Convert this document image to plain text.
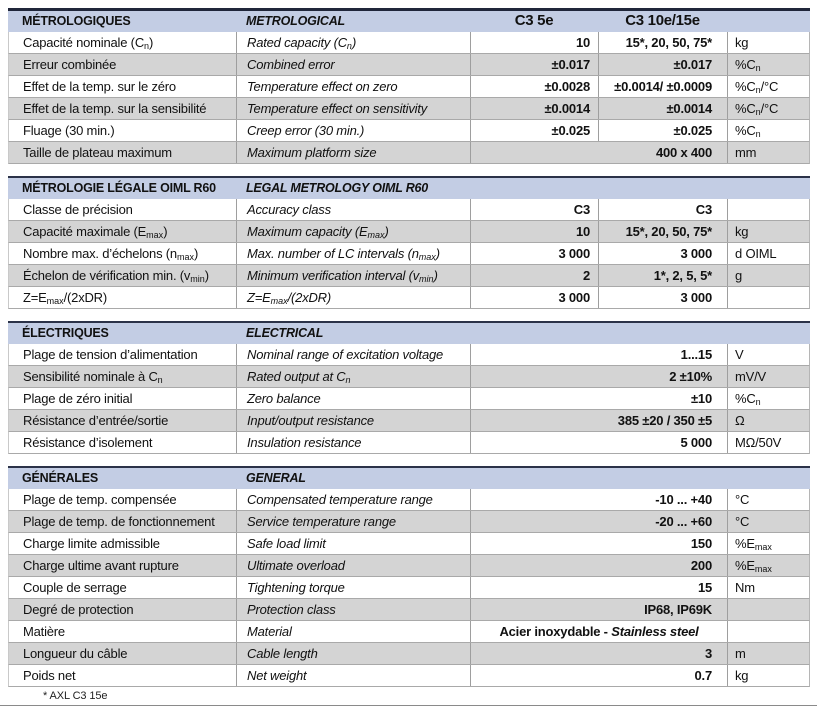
MÉTROLOGIQUES	METROLOGICAL	C3 5e	C3 10e/15e
Capacité nominale $(C_n)$	Rated capacity $(C_n)$	10	15*, 20, 50, 75*	kg
Erreur combinée	Combined error	±0.017	±0.017	$\%C_n$
Effet de la temp. sur le zéro	Temperature effect on zero	±0.0028	±0.0014/ ±0.0009	$\%C_n/^\circ C$
Effet de la temp. sur la sensibilité	Temperature effect on sensitivity	±0.0014	±0.0014	$\%C_n/^\circ C$
Fluage (30 min.)	Creep error (30 min.)	±0.025	±0.025	$\%C_n$
Taille de plateau maximum	Maximum platform size	400 x 400	mm
MÉTROLOGIE LÉGALE OIML R60	LEGAL METROLOGY OIML R60
Classe de précision	Accuracy class	C3	C3
Capacité maximale $(E_{max})$	Maximum capacity $(E_{max})$	10	15*, 20, 50, 75*	kg
Nombre max. d’échelons $(n_{max})$	Max. number of LC intervals $(n_{max})$	3 000	3 000	d OIML
Échelon de vérification min. $(v_{min})$	Minimum verification interval $(v_{min})$	2	1*, 2, 5, 5*	g
$Z=E_{max}/(2xDR)$	$Z=E_{max}/(2xDR)$	3 000	3 000
ÉLECTRIQUES	ELECTRICAL
Plage de tension d’alimentation	Nominal range of excitation voltage	1...15	V
Sensibilité nominale à $C_n$	Rated output at $C_n$	2 ±10%	mV/V
Plage de zéro initial	Zero balance	±10	$\%C_n$
Résistance d’entrée/sortie	Input/output resistance	385 ±20 / 350 ±5	Ω
Résistance d’isolement	Insulation resistance	5 000	MΩ/50V
GÉNÉRALES	GENERAL
Plage de temp. compensée	Compensated temperature range	-10 ... +40	°C
Plage de temp. de fonctionnement	Service temperature range	-20 ... +60	°C
Charge limite admissible	Safe load limit	150	$\%E_{max}$
Charge ultime avant rupture	Ultimate overload	200	$\%E_{max}$
Couple de serrage	Tightening torque	15	Nm
Degré de protection	Protection class	IP68, IP69K
Matière	Material	Acier inoxydable - Stainless steel
Longueur du câble	Cable length	3	m
Poids net	Net weight	0.7	kg
* AXL C3 15e
